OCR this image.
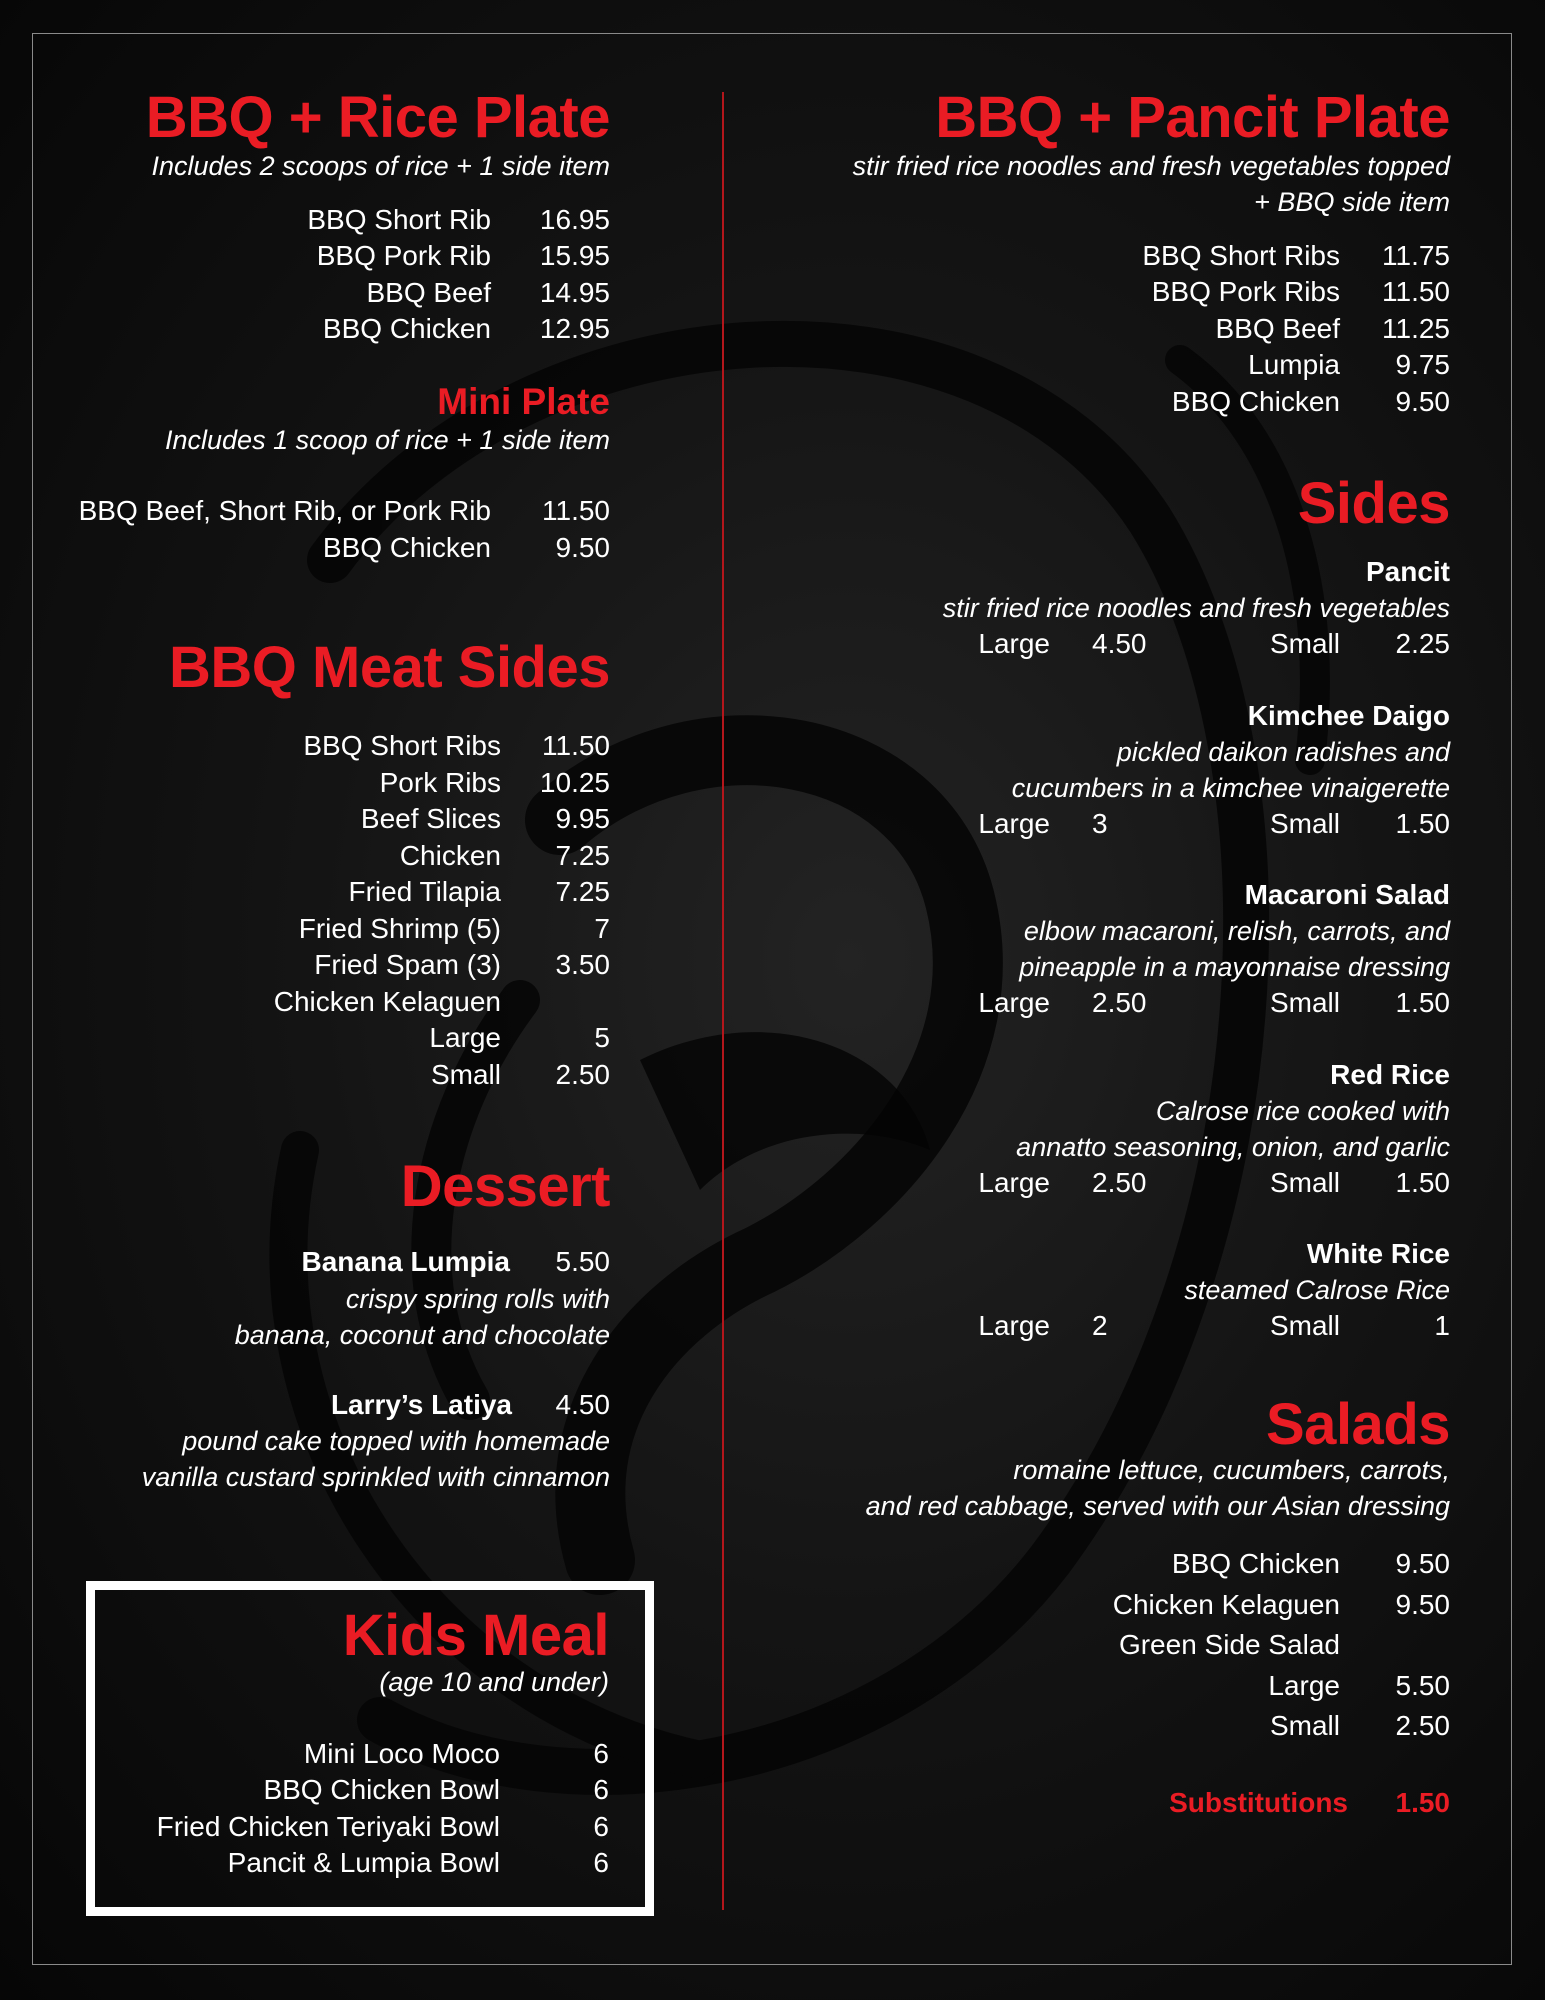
BBQ + Rice Plate

Includes 2 scoops of rice + 1 side item

BBQ Short Rib	16.95
BBQ Pork Rib	15.95
BBQ Beef	14.95
BBQ Chicken	12.95
Mini Plate

Includes 1 scoop of rice + 1 side item

BBQ Beef, Short Rib, or Pork Rib	11.50
BBQ Chicken	9.50
BBQ Meat Sides
BBQ Short Ribs	11.50
Pork Ribs	10.25
Beef Slices	9.95
Chicken	7.25
Fried Tilapia	7.25
Fried Shrimp (5)	7
Fried Spam (3)	3.50
Chicken Kelaguen
Large	5
Small	2.50
Dessert
Banana Lumpia	5.50

crispy spring rolls with

banana, coconut and chocolate

Larry’s Latiya	4.50

pound cake topped with homemade

vanilla custard sprinkled with cinnamon

Kids Meal

(age 10 and under)

Mini Loco Moco	6
BBQ Chicken Bowl	6
Fried Chicken Teriyaki Bowl	6
Pancit & Lumpia Bowl	6
BBQ + Pancit Plate

stir fried rice noodles and fresh vegetables topped

+ BBQ side item

BBQ Short Ribs	11.75
BBQ Pork Ribs	11.50
BBQ Beef	11.25
Lumpia	9.75
BBQ Chicken	9.50
Sides
Pancit

stir fried rice noodles and fresh vegetables

Large	4.50	Small	2.25
Kimchee Daigo

pickled daikon radishes and

cucumbers in a kimchee vinaigerette

Large	3	Small	1.50
Macaroni Salad

elbow macaroni, relish, carrots, and

pineapple in a mayonnaise dressing

Large	2.50	Small	1.50
Red Rice

Calrose rice cooked with

annatto seasoning, onion, and garlic

Large	2.50	Small	1.50
White Rice

steamed Calrose Rice

Large	2	Small	1
Salads

romaine lettuce, cucumbers, carrots,

and red cabbage, served with our Asian dressing

BBQ Chicken	9.50
Chicken Kelaguen	9.50
Green Side Salad
Large	5.50
Small	2.50
Substitutions	1.50
